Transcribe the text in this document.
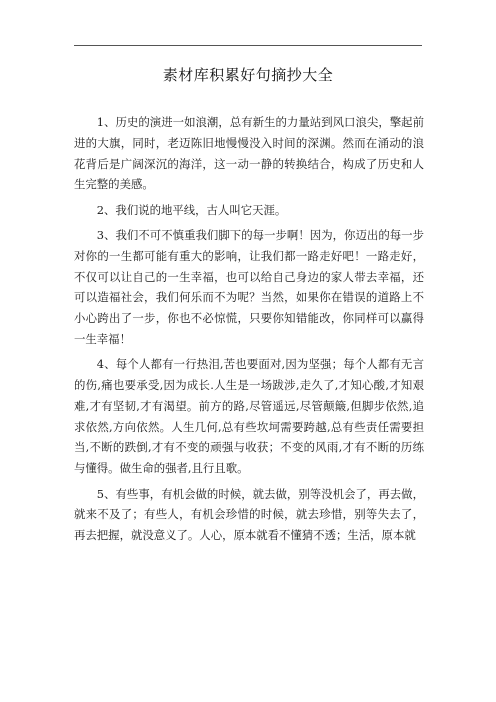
素材库积累好句摘抄大全

1、历史的演进一如浪潮，总有新生的力量站到风口浪尖，擎起前进的大旗，同时，老迈陈旧地慢慢没入时间的深渊。然而在涌动的浪花背后是广阔深沉的海洋，这一动一静的转换结合，构成了历史和人生完整的美感。

2、我们说的地平线，古人叫它天涯。

3、我们不可不慎重我们脚下的每一步啊！因为，你迈出的每一步对你的一生都可能有重大的影响，让我们都一路走好吧！一路走好，不仅可以让自己的一生幸福，也可以给自己身边的家人带去幸福，还可以造福社会，我们何乐而不为呢？当然，如果你在错误的道路上不小心跨出了一步，你也不必惊慌，只要你知错能改，你同样可以赢得一生幸福！

4、每个人都有一行热泪,苦也要面对,因为坚强；每个人都有无言的伤,痛也要承受,因为成长.人生是一场跋涉,走久了,才知心酸,才知艰难,才有坚韧,才有渴望。前方的路,尽管遥远,尽管颠簸,但脚步依然,追求依然,方向依然。人生几何,总有些坎坷需要跨越,总有些责任需要担当,不断的跌倒,才有不变的顽强与收获；不变的风雨,才有不断的历练与懂得。做生命的强者,且行且歌。

5、有些事，有机会做的时候，就去做，别等没机会了，再去做，就来不及了；有些人，有机会珍惜的时候，就去珍惜，别等失去了，再去把握，就没意义了。人心，原本就看不懂猜不透；生活，原本就
